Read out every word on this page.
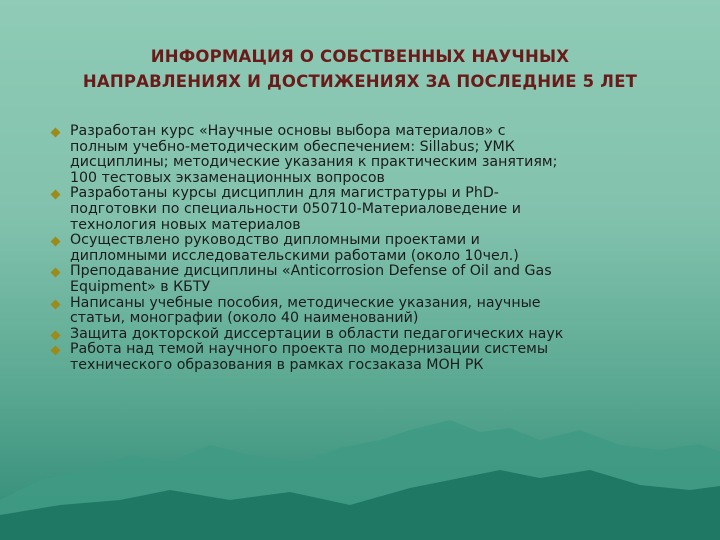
ИНФОРМАЦИЯ О СОБСТВЕННЫХ НАУЧНЫХ
НАПРАВЛЕНИЯХ И ДОСТИЖЕНИЯХ ЗА ПОСЛЕДНИЕ 5 ЛЕТ
Разработан курс «Научные основы выбора материалов» с
полным учебно-методическим обеспечением: Sillabus; УМК
дисциплины; методические указания к практическим занятиям;
100 тестовых экзаменационных вопросов
Разработаны курсы дисциплин для магистратуры и PhD-
подготовки по специальности 050710-Материаловедение и
технология новых материалов
Осуществлено руководство дипломными проектами и
дипломными исследовательскими работами (около 10чел.)
Преподавание дисциплины «Anticorrosion Defense of Oil and Gas
Equipment» в КБТУ
Написаны учебные пособия, методические указания, научные
статьи, монографии (около 40 наименований)
Защита докторской диссертации в области педагогических наук
Работа над темой научного проекта по модернизации системы
технического образования в рамках госзаказа МОН РК
